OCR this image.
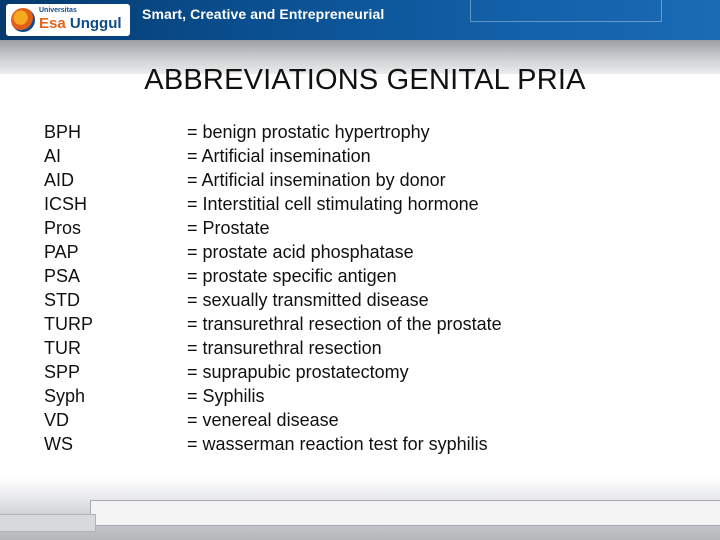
Universitas
Esa Unggul
Smart, Creative and Entrepreneurial
ABBREVIATIONS GENITAL PRIA
BPH	= benign prostatic hypertrophy
AI	= Artificial insemination
AID	= Artificial insemination by donor
ICSH	= Interstitial cell stimulating hormone
Pros	= Prostate
PAP	= prostate acid phosphatase
PSA	= prostate specific antigen
STD	= sexually transmitted disease
TURP	= transurethral resection of the prostate
TUR	= transurethral resection
SPP	= suprapubic prostatectomy
Syph	= Syphilis
VD	= venereal disease
WS	= wasserman reaction test for syphilis
